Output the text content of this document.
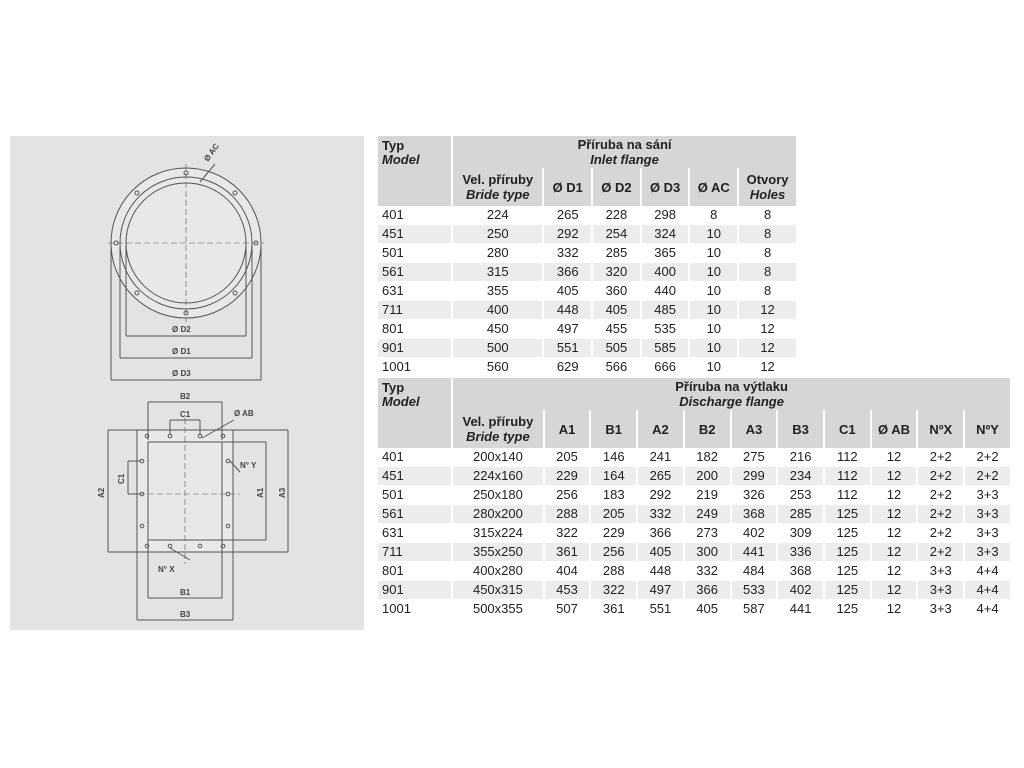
Ø AC
Ø D2
Ø D1
Ø D3
B2
C1	Ø AB
N° Y
C1
A2	A1 A3
N° X
B1
B3
Typ
Model	Příruba na sání
Inlet flange					

	Vel. příruby
Bride type	Ø D1	Ø D2	Ø D3	Ø AC	Otvory
Holes

401	224	265	228	298	8	8
451	250	292	254	324	10	8
501	280	332	285	365	10	8
561	315	366	320	400	10	8
631	355	405	360	440	10	8
711	400	448	405	485	10	12
801	450	497	455	535	10	12
901	500	551	505	585	10	12
1001	560	629	566	666	10	12
Typ
Model	Příruba na výtlaku
Discharge flange										

	Vel. příruby
Bride type	A1	B1	A2	B2	A3	B3	C1	Ø AB	NºX	NºY

401	200x140	205	146	241	182	275	216	112	12	2+2	2+2
451	224x160	229	164	265	200	299	234	112	12	2+2	2+2
501	250x180	256	183	292	219	326	253	112	12	2+2	3+3
561	280x200	288	205	332	249	368	285	125	12	2+2	3+3
631	315x224	322	229	366	273	402	309	125	12	2+2	3+3
711	355x250	361	256	405	300	441	336	125	12	2+2	3+3
801	400x280	404	288	448	332	484	368	125	12	3+3	4+4
901	450x315	453	322	497	366	533	402	125	12	3+3	4+4
1001	500x355	507	361	551	405	587	441	125	12	3+3	4+4
